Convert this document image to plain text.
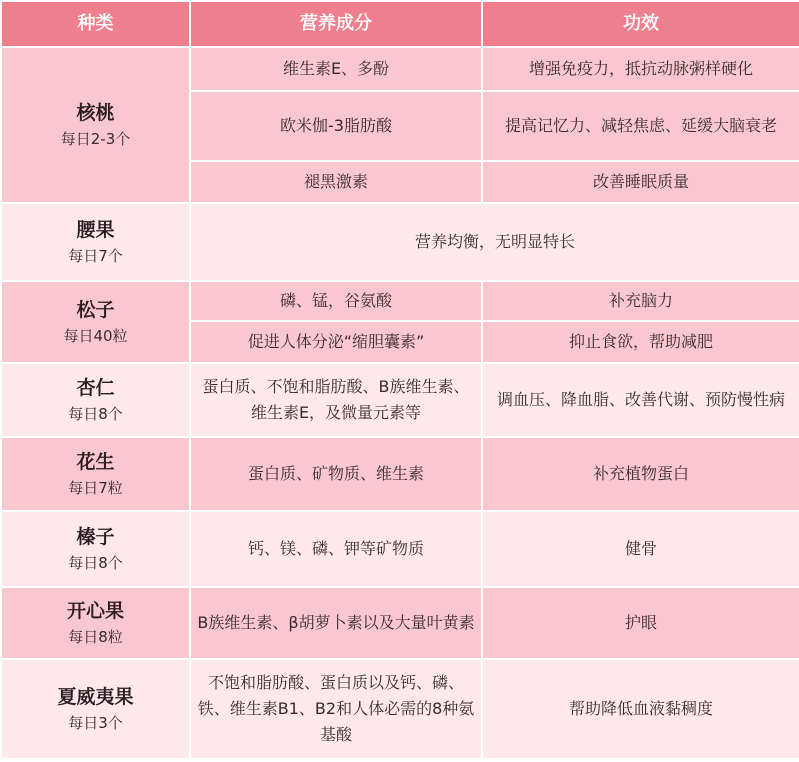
种类	营养成分	功效

核桃
每日2-3个	维生素E、多酚	增强免疫力，抵抗动脉粥样硬化
	欧米伽-3脂肪酸	提高记忆力、减轻焦虑、延缓大脑衰老
	褪黑激素	改善睡眠质量

腰果
每日7个	营养均衡，无明显特长	

松子
每日40粒	磷、锰，谷氨酸	补充脑力
	促进人体分泌“缩胆囊素”	抑止食欲，帮助减肥

杏仁
每日8个	蛋白质、不饱和脂肪酸、B族维生素、维生素E，及微量元素等	调血压、降血脂、改善代谢、预防慢性病

花生
每日7粒	蛋白质、矿物质、维生素	补充植物蛋白

榛子
每日8个	钙、镁、磷、钾等矿物质	健骨

开心果
每日8粒	B族维生素、β胡萝卜素以及大量叶黄素	护眼

夏威夷果
每日3个	不饱和脂肪酸、蛋白质以及钙、磷、铁、维生素B1、B2和人体必需的8种氨基酸	帮助降低血液黏稠度
